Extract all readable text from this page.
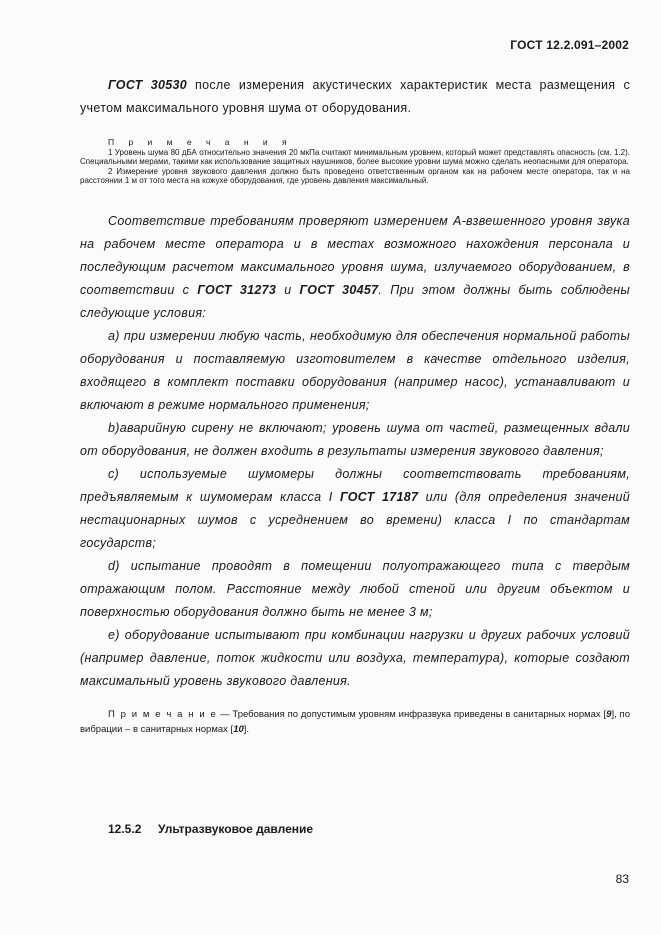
ГОСТ 12.2.091–2002

ГОСТ 30530 после измерения акустических характеристик места размещения с учетом максимального уровня шума от оборудования.

П р и м е ч а н и я

1 Уровень шума 80 дБА относительно значения 20 мкПа считают минимальным уровнем, который может представлять опасность (см. 1.2). Специальными мерами, такими как использование защитных наушников, более высокие уровни шума можно сделать неопасными для оператора.

2 Измерение уровня звукового давления должно быть проведено ответственным органом как на рабочем месте оператора, так и на расстоянии 1 м от того места на кожухе оборудования, где уровень давления максимальный.

Соответствие требованиям проверяют измерением А-взвешенного уровня звука на рабочем месте оператора и в местах возможного нахождения персонала и последующим расчетом максимального уровня шума, излучаемого оборудованием, в соответствии с ГОСТ 31273 и ГОСТ 30457. При этом должны быть соблюдены следующие условия:

а) при измерении любую часть, необходимую для обеспечения нормальной работы оборудования и поставляемую изготовителем в качестве отдельного изделия, входящего в комплект поставки оборудования (например насос), устанавливают и включают в режиме нормального применения;

b)аварийную сирену не включают; уровень шума от частей, размещенных вдали от оборудования, не должен входить в результаты измерения звукового давления;

с) используемые шумомеры должны соответствовать требованиям, предъявляемым к шумомерам класса I ГОСТ 17187 или (для определения значений нестационарных шумов с усреднением во времени) класса I по стандартам государств;

d) испытание проводят в помещении полуотражающего типа с твердым отражающим полом. Расстояние между любой стеной или другим объектом и поверхностью оборудования должно быть не менее 3 м;

е) оборудование испытывают при комбинации нагрузки и других рабочих условий (например давление, поток жидкости или воздуха, температура), которые создают максимальный уровень звукового давления.

П р и м е ч а н и е — Требования по допустимым уровням инфразвука приведены в санитарных нормах [9], по вибрации – в санитарных нормах [10].

12.5.2 Ультразвуковое давление
83
